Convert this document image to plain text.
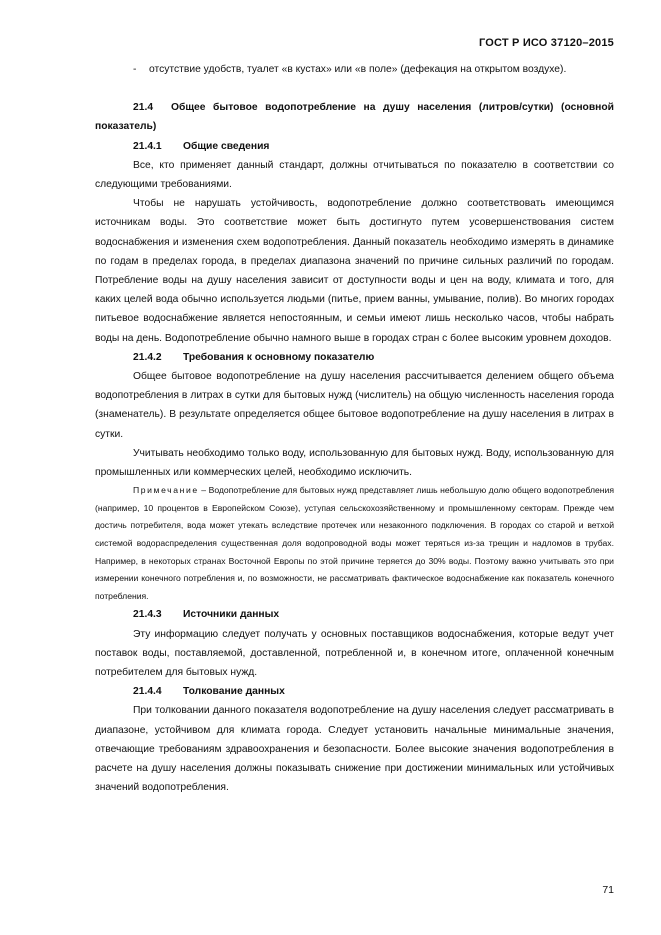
ГОСТ Р ИСО 37120–2015

- отсутствие удобств, туалет «в кустах» или «в поле» (дефекация на открытом воздухе).

21.4 Общее бытовое водопотребление на душу населения (литров/сутки) (основной показатель)

21.4.1 Общие сведения

Все, кто применяет данный стандарт, должны отчитываться по показателю в соответствии со следующими требованиями.

Чтобы не нарушать устойчивость, водопотребление должно соответствовать имеющимся источникам воды. Это соответствие может быть достигнуто путем усовершенствования систем водоснабжения и изменения схем водопотребления. Данный показатель необходимо измерять в динамике по годам в пределах города, в пределах диапазона значений по причине сильных различий по городам. Потребление воды на душу населения зависит от доступности воды и цен на воду, климата и того, для каких целей вода обычно используется людьми (питье, прием ванны, умывание, полив). Во многих городах питьевое водоснабжение является непостоянным, и семьи имеют лишь несколько часов, чтобы набрать воды на день. Водопотребление обычно намного выше в городах стран с более высоким уровнем доходов.

21.4.2 Требования к основному показателю

Общее бытовое водопотребление на душу населения рассчитывается делением общего объема водопотребления в литрах в сутки для бытовых нужд (числитель) на общую численность населения города (знаменатель). В результате определяется общее бытовое водопотребление на душу населения в литрах в сутки.

Учитывать необходимо только воду, использованную для бытовых нужд. Воду, использованную для промышленных или коммерческих целей, необходимо исключить.

Примечание – Водопотребление для бытовых нужд представляет лишь небольшую долю общего водопотребления (например, 10 процентов в Европейском Союзе), уступая сельскохозяйственному и промышленному секторам. Прежде чем достичь потребителя, вода может утекать вследствие протечек или незаконного подключения. В городах со старой и ветхой системой водораспределения существенная доля водопроводной воды может теряться из-за трещин и надломов в трубах. Например, в некоторых странах Восточной Европы по этой причине теряется до 30% воды. Поэтому важно учитывать это при измерении конечного потребления и, по возможности, не рассматривать фактическое водоснабжение как показатель конечного потребления.

21.4.3 Источники данных

Эту информацию следует получать у основных поставщиков водоснабжения, которые ведут учет поставок воды, поставляемой, доставленной, потребленной и, в конечном итоге, оплаченной конечным потребителем для бытовых нужд.

21.4.4 Толкование данных

При толковании данного показателя водопотребление на душу населения следует рассматривать в диапазоне, устойчивом для климата города. Следует установить начальные минимальные значения, отвечающие требованиям здравоохранения и безопасности. Более высокие значения водопотребления в расчете на душу населения должны показывать снижение при достижении минимальных или устойчивых значений водопотребления.

71
